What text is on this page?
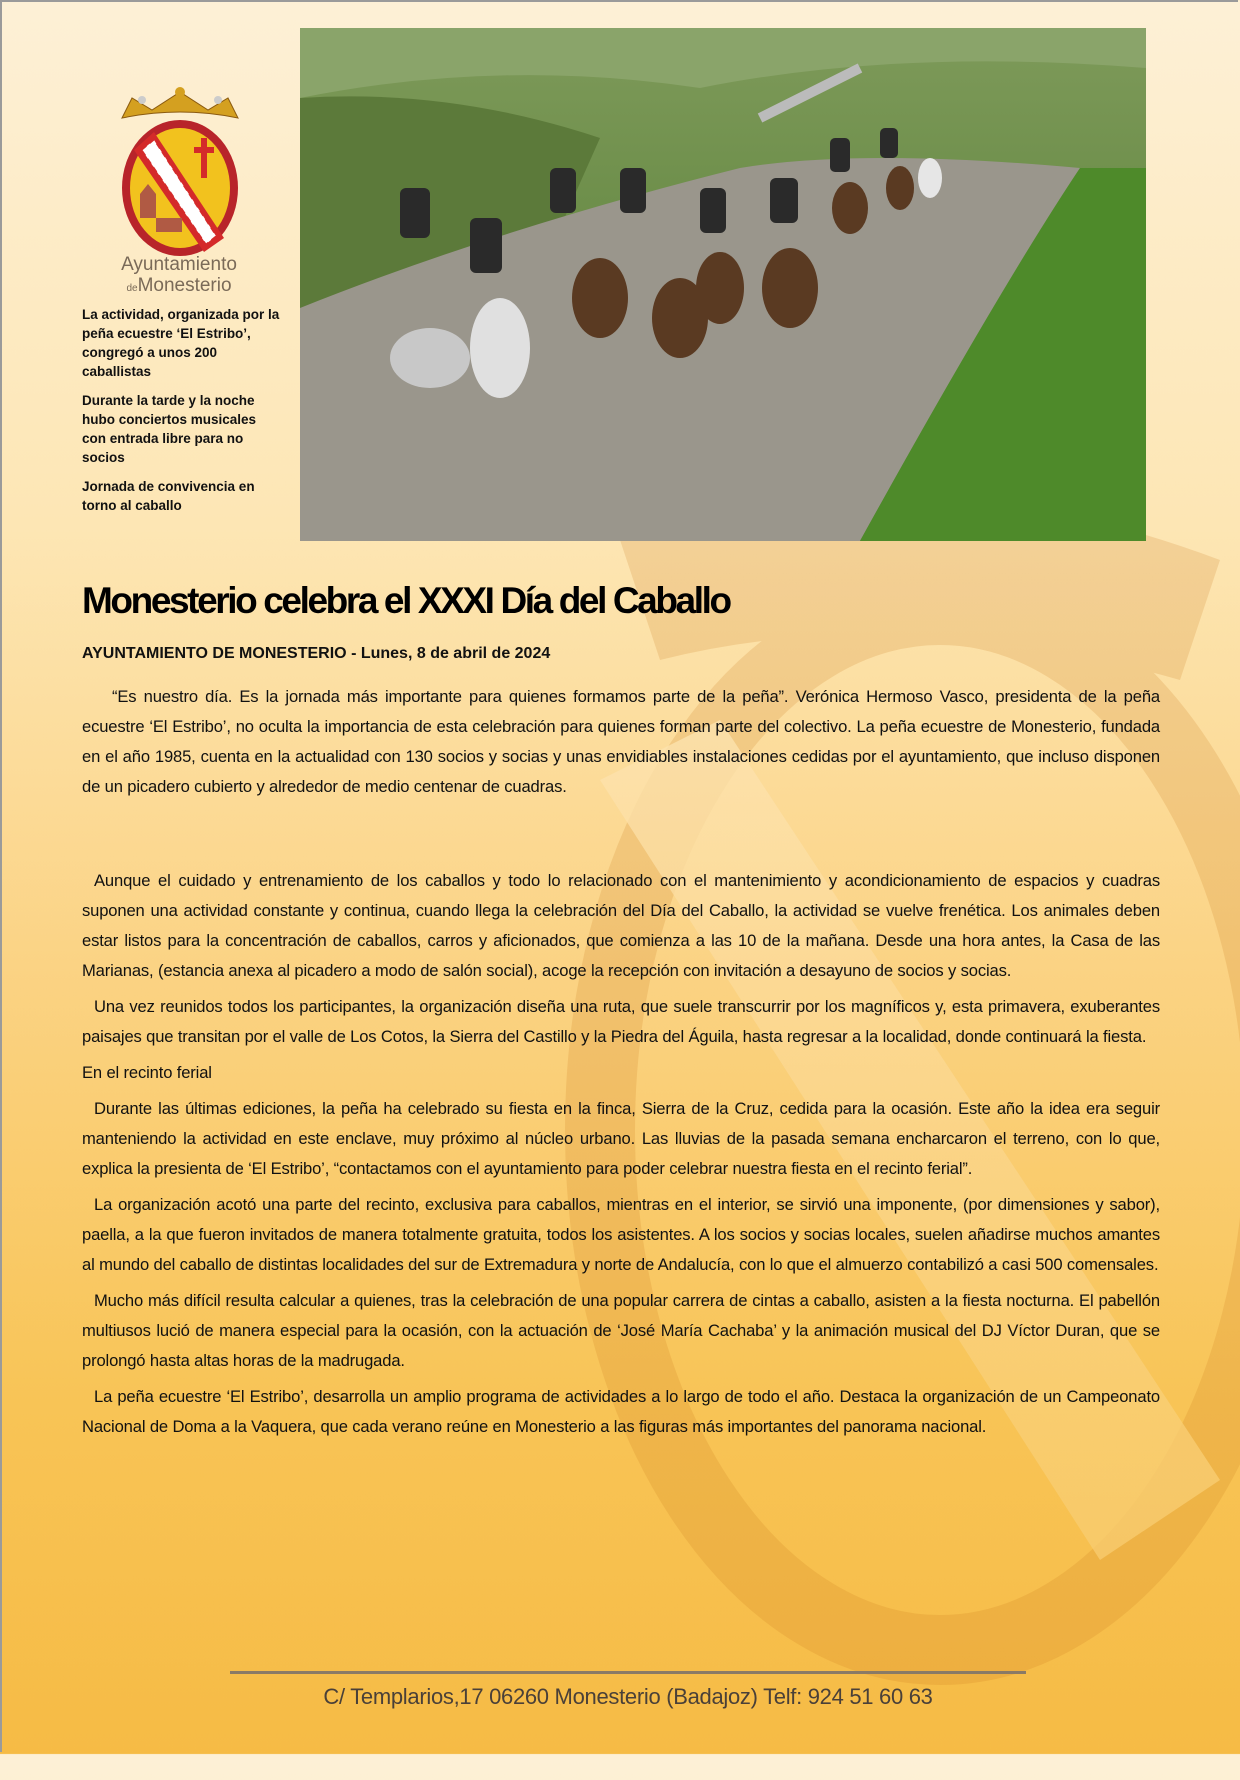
Ayuntamiento
deMonesterio

La actividad, organizada por la peña ecuestre ‘El Estribo’, congregó a unos 200 caballistas

Durante la tarde y la noche hubo conciertos musicales con entrada libre para no socios

Jornada de convivencia en torno al caballo

Monesterio celebra el XXXI Día del Caballo
AYUNTAMIENTO DE MONESTERIO - Lunes, 8 de abril de 2024

“Es nuestro día. Es la jornada más importante para quienes formamos parte de la peña”. Verónica Hermoso Vasco, presidenta de la peña ecuestre ‘El Estribo’, no oculta la importancia de esta celebración para quienes forman parte del colectivo. La peña ecuestre de Monesterio, fundada en el año 1985, cuenta en la actualidad con 130 socios y socias y unas envidiables instalaciones cedidas por el ayuntamiento, que incluso disponen de un picadero cubierto y alrededor de medio centenar de cuadras.

Aunque el cuidado y entrenamiento de los caballos y todo lo relacionado con el mantenimiento y acondicionamiento de espacios y cuadras suponen una actividad constante y continua, cuando llega la celebración del Día del Caballo, la actividad se vuelve frenética. Los animales deben estar listos para la concentración de caballos, carros y aficionados, que comienza a las 10 de la mañana. Desde una hora antes, la Casa de las Marianas, (estancia anexa al picadero a modo de salón social), acoge la recepción con invitación a desayuno de socios y socias.

Una vez reunidos todos los participantes, la organización diseña una ruta, que suele transcurrir por los magníficos y, esta primavera, exuberantes paisajes que transitan por el valle de Los Cotos, la Sierra del Castillo y la Piedra del Águila, hasta regresar a la localidad, donde continuará la fiesta.

En el recinto ferial

Durante las últimas ediciones, la peña ha celebrado su fiesta en la finca, Sierra de la Cruz, cedida para la ocasión. Este año la idea era seguir manteniendo la actividad en este enclave, muy próximo al núcleo urbano. Las lluvias de la pasada semana encharcaron el terreno, con lo que, explica la presienta de ‘El Estribo’, “contactamos con el ayuntamiento para poder celebrar nuestra fiesta en el recinto ferial”.

La organización acotó una parte del recinto, exclusiva para caballos, mientras en el interior, se sirvió una imponente, (por dimensiones y sabor), paella, a la que fueron invitados de manera totalmente gratuita, todos los asistentes. A los socios y socias locales, suelen añadirse muchos amantes al mundo del caballo de distintas localidades del sur de Extremadura y norte de Andalucía, con lo que el almuerzo contabilizó a casi 500 comensales.

Mucho más difícil resulta calcular a quienes, tras la celebración de una popular carrera de cintas a caballo, asisten a la fiesta nocturna. El pabellón multiusos lució de manera especial para la ocasión, con la actuación de ‘José María Cachaba’ y la animación musical del DJ Víctor Duran, que se prolongó hasta altas horas de la madrugada.

La peña ecuestre ‘El Estribo’, desarrolla un amplio programa de actividades a lo largo de todo el año. Destaca la organización de un Campeonato Nacional de Doma a la Vaquera, que cada verano reúne en Monesterio a las figuras más importantes del panorama nacional.

C/ Templarios,17 06260 Monesterio (Badajoz) Telf: 924 51 60 63
